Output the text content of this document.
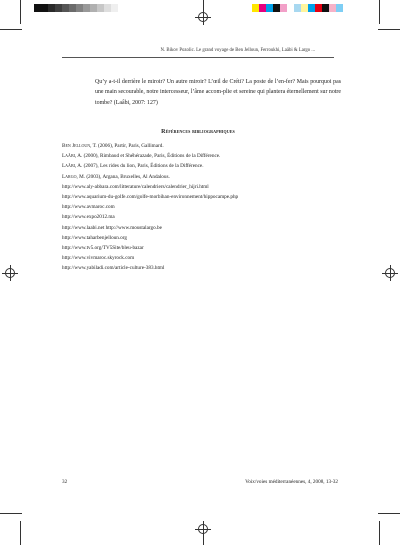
N. Bikov Pozolic. Le grand voyage de Ben Jelloun, Ferroukhi, Laâbi & Largo ...

Qu’y a-t-il derrière le miroir? Un autre miroir? L’œil de Créti? La poste de l’en-fer? Mais pourquoi pas une main secourable, notre intercesseur, l’âme accom-plie et sereine qui plantera éternellement sur notre tombe? (Laâbi, 2007: 127)

Références bibliographiques
Ben Jelloun, T. (2006), Partir, Paris, Gallimard.
Laâbi, A. (2000), Rimbaud et Shéhérazade, Paris, Éditions de la Différence.
Laâbi, A. (2007), Les rides du lion, Paris, Éditions de la Différence.
Largo, M. (2003), Argana, Bruxelles, Al Andalous.
http://www.aly-abbara.com/litterature/calendriers/calendrier_hijri.html
http://www.aquarium-du-golfe.com/golfe-morbihan-environnement/hippocampe.php
http://www.avmaroc.com
http://www.expo2012.ma
http://www.laabi.net http://www.moustalargo.be
http://www.taharbenjelloun.org
http://www.tv5.org/TV5Site/bleu-bazar
http://www.vivmaroc.skyrock.com
http://www.yabiladi.com/article-culture-383.html
32	Voix/voies méditerranéennes, 4, 2008, 13-32
